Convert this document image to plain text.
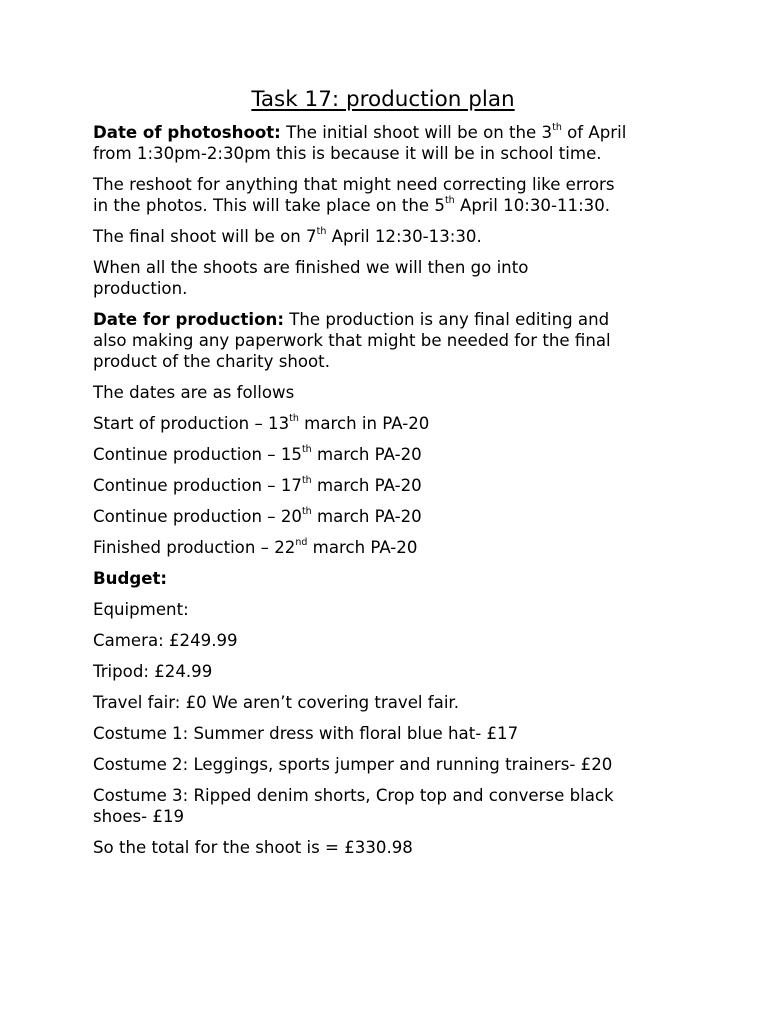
Task 17: production plan

Date of photoshoot: The initial shoot will be on the 3th of April
from 1:30pm-2:30pm this is because it will be in school time.

The reshoot for anything that might need correcting like errors
in the photos. This will take place on the 5th April 10:30-11:30.

The final shoot will be on 7th April 12:30-13:30.

When all the shoots are finished we will then go into
production.

Date for production: The production is any final editing and
also making any paperwork that might be needed for the final
product of the charity shoot.

The dates are as follows

Start of production – 13th march in PA-20

Continue production – 15th march PA-20

Continue production – 17th march PA-20

Continue production – 20th march PA-20

Finished production – 22nd march PA-20

Budget:

Equipment:

Camera: £249.99

Tripod: £24.99

Travel fair: £0 We aren’t covering travel fair.

Costume 1: Summer dress with floral blue hat- £17

Costume 2: Leggings, sports jumper and running trainers- £20

Costume 3: Ripped denim shorts, Crop top and converse black
shoes- £19

So the total for the shoot is = £330.98
